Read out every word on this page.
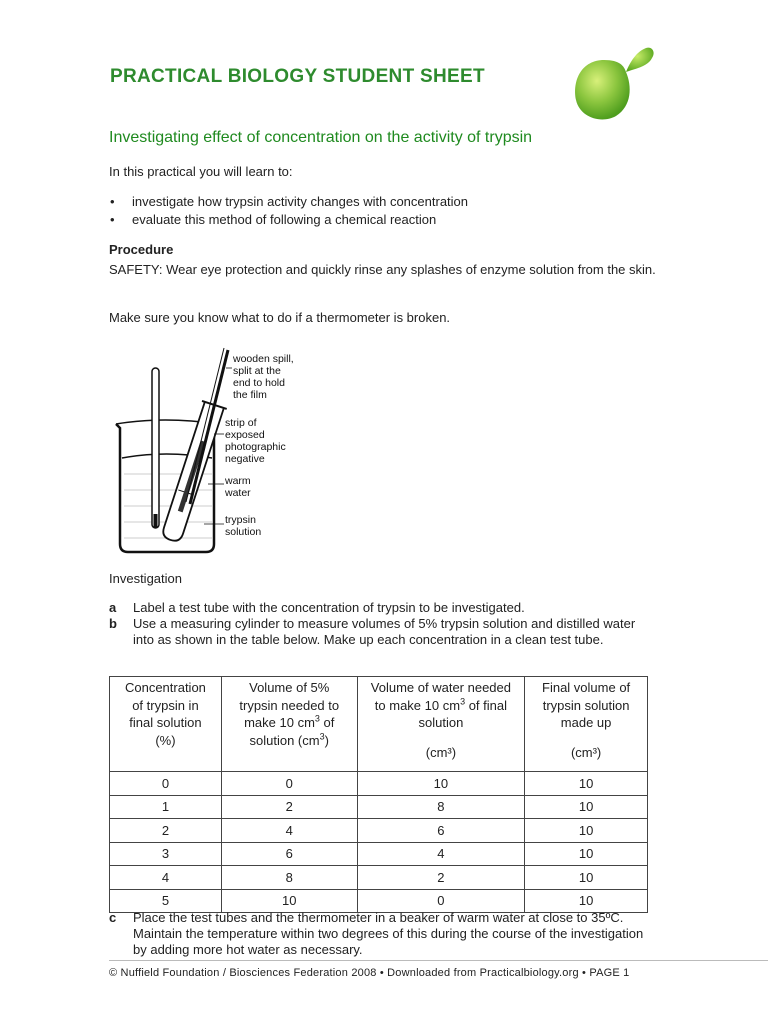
PRACTICAL BIOLOGY STUDENT SHEET
Investigating effect of concentration on the activity of trypsin
In this practical you will learn to:
• investigate how trypsin activity changes with concentration
• evaluate this method of following a chemical reaction
Procedure
SAFETY: Wear eye protection and quickly rinse any splashes of enzyme solution from the skin.
Make sure you know what to do if a thermometer is broken.
wooden spill, split at the end to hold the film
strip of exposed photographic negative
warm water
trypsin solution
Investigation
a Label a test tube with the concentration of trypsin to be investigated.
b Use a measuring cylinder to measure volumes of 5% trypsin solution and distilled water into as shown in the table below. Make up each concentration in a clean test tube.
Concentration
of trypsin in
final solution
(%)	Volume of 5%
trypsin needed to
make 10 $cm^3$ of
solution $(cm^3)$	Volume of water needed
to make 10 $cm^3$ of final
solution
(cm³)	Final volume of
trypsin solution
made up
(cm³)

0	0	10	10
1	2	8	10
2	4	6	10
3	6	4	10
4	8	2	10
5	10	0	10
c Place the test tubes and the thermometer in a beaker of warm water at close to 35ºC. Maintain the temperature within two degrees of this during the course of the investigation by adding more hot water as necessary.
© Nuffield Foundation / Biosciences Federation 2008 • Downloaded from Practicalbiology.org • PAGE 1
